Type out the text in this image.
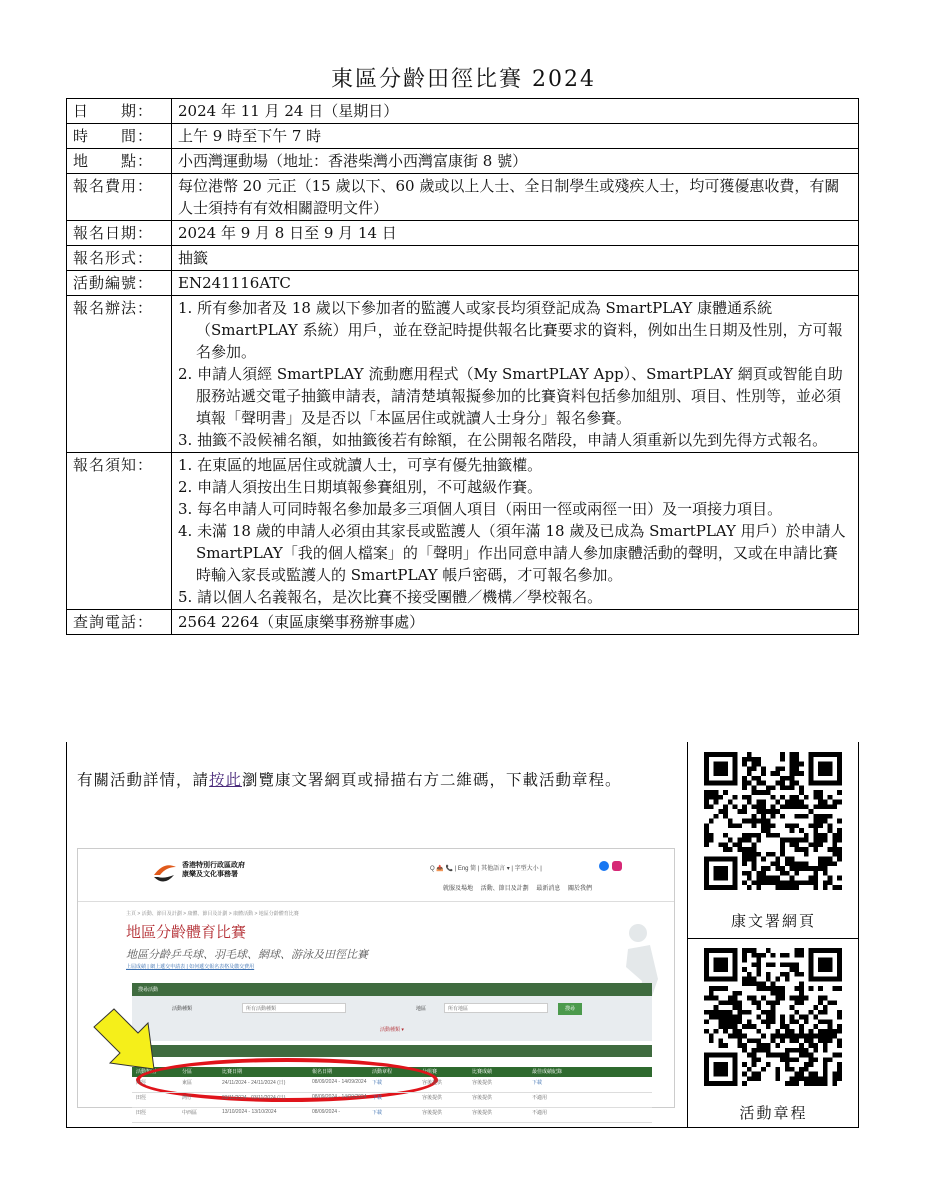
東區分齡田徑比賽 2024
日　　期：	2024 年 11 月 24 日（星期日）

時　　間：	上午 9 時至下午 7 時

地　　點：	小西灣運動場（地址：香港柴灣小西灣富康街 8 號）

報名費用：	每位港幣 20 元正（15 歲以下、60 歲或以上人士、全日制學生或殘疾人士，均可獲優惠收費，有關人士須持有有效相關證明文件）

報名日期：	2024 年 9 月 8 日至 9 月 14 日

報名形式：	抽籤

活動編號：	EN241116ATC

報名辦法：	1. 所有參加者及 18 歲以下參加者的監護人或家長均須登記成為 SmartPLAY 康體通系統（SmartPLAY 系統）用戶，並在登記時提供報名比賽要求的資料，例如出生日期及性別，方可報名參加。
2. 申請人須經 SmartPLAY 流動應用程式（My SmartPLAY App）、SmartPLAY 網頁或智能自助服務站遞交電子抽籤申請表，請清楚填報擬參加的比賽資料包括參加組別、項目、性別等，並必須填報「聲明書」及是否以「本區居住或就讀人士身分」報名參賽。
3. 抽籤不設候補名額，如抽籤後若有餘額，在公開報名階段，申請人須重新以先到先得方式報名。

報名須知：	1. 在東區的地區居住或就讀人士，可享有優先抽籤權。
2. 申請人須按出生日期填報參賽組別，不可越級作賽。
3. 每名申請人可同時報名參加最多三項個人項目（兩田一徑或兩徑一田）及一項接力項目。
4. 未滿 18 歲的申請人必須由其家長或監護人（須年滿 18 歲及已成為 SmartPLAY 用戶）於申請人 SmartPLAY「我的個人檔案」的「聲明」作出同意申請人參加康體活動的聲明，又或在申請比賽時輸入家長或監護人的 SmartPLAY 帳戶密碼，才可報名參加。
5. 請以個人名義報名，是次比賽不接受團體／機構／學校報名。

查詢電話：	2564 2264（東區康樂事務辦事處）
有關活動詳情，請按此瀏覽康文署網頁或掃描右方二維碼，下載活動章程。
香港特別行政區政府
康樂及文化事務署
Q 📤 📞 | Eng 简 | 其他語言 ▾ | 字型大小 |
就服及場地 活動、節目及計劃 最新消息 關於我們
主頁 > 活動、節目及計劃 > 康體、節目及計劃 > 康體活動 > 地區分齡體育比賽
地區分齡體育比賽
地區分齡乒乓球、羽毛球、網球、游泳及田徑比賽
上屆成績 | 網上遞交申請表 | 如何遞交報名表格及繳交費用
搜尋活動
活動種類	所有活動種類	地區	所有地區	搜尋
活動種類 ▾
活動類別	分區	比賽日期	報名日期	活動章程	分組賽	比賽成績	最佳成績紀錄
田徑	東區	24/11/2024 - 24/11/2024 (日)	08/09/2024 - 14/09/2024 下載	容後提供	容後提供	下載
田徑	灣仔	03/11/2024 - 03/11/2024 (日)	08/09/2024 - 14/09/2024 下載	容後提供	容後提供	不適用
田徑	中西區	13/10/2024 - 13/10/2024	08/09/2024 -	下載	容後提供	容後提供	不適用
康文署網頁
活動章程
